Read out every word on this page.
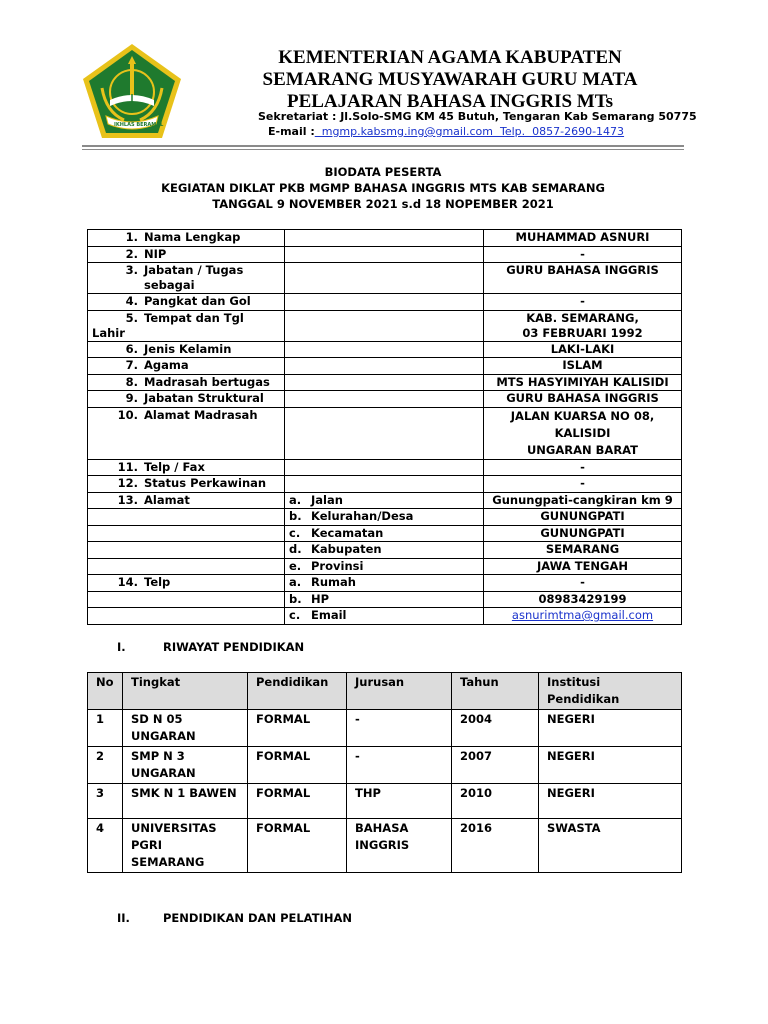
IKHLAS BERAMAL
KEMENTERIAN AGAMA KABUPATEN
SEMARANG MUSYAWARAH GURU MATA
PELAJARAN BAHASA INGGRIS MTs
Sekretariat : Jl.Solo-SMG KM 45 Butuh, Tengaran Kab Semarang 50775
E-mail :  mgmp.kabsmg.ing@gmail.com  Telp.  0857-2690-1473
BIODATA PESERTA
KEGIATAN DIKLAT PKB MGMP BAHASA INGGRIS MTS KAB SEMARANG
TANGGAL 9 NOVEMBER 2021 s.d 18 NOPEMBER 2021
1. Nama Lengkap		MUHAMMAD ASNURI
2. NIP		-
3. Jabatan / Tugas
sebagai		GURU BAHASA INGGRIS
4. Pangkat dan Gol		-
5. Tempat dan Tgl Lahir		KAB. SEMARANG,
03 FEBRUARI 1992
6. Jenis Kelamin		LAKI-LAKI
7. Agama		ISLAM
8. Madrasah bertugas		MTS HASYIMIYAH KALISIDI
9. Jabatan Struktural		GURU BAHASA INGGRIS
10. Alamat Madrasah		JALAN KUARSA NO 08, KALISIDI
UNGARAN BARAT
11. Telp / Fax		-
12. Status Perkawinan		-
13. Alamat	a. Jalan	Gunungpati-cangkiran km 9
	b. Kelurahan/Desa	GUNUNGPATI
	c. Kecamatan	GUNUNGPATI
	d. Kabupaten	SEMARANG
	e. Provinsi	JAWA TENGAH
14. Telp	a. Rumah	-
	b. HP	08983429199
	c. Email	asnurimtma@gmail.com
I.	RIWAYAT PENDIDIKAN
No	Tingkat	Pendidikan	Jurusan	Tahun	Institusi Pendidikan
1	SD N 05 UNGARAN	FORMAL	-	2004	NEGERI
2	SMP N 3 UNGARAN	FORMAL	-	2007	NEGERI
3	SMK N 1 BAWEN	FORMAL	THP	2010	NEGERI
4	UNIVERSITAS PGRI SEMARANG	FORMAL	BAHASA INGGRIS	2016	SWASTA
II.	PENDIDIKAN DAN PELATIHAN
